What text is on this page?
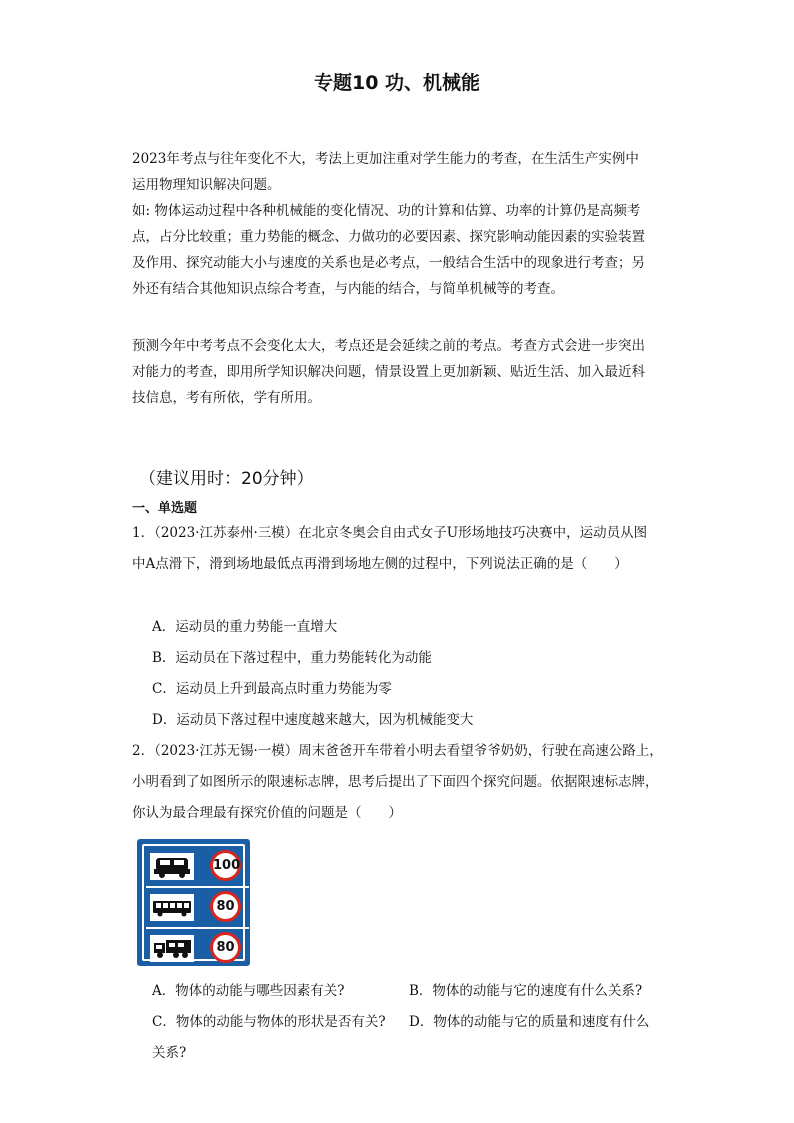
专题10 功、机械能
2023年考点与往年变化不大，考法上更加注重对学生能力的考查，在生活生产实例中
运用物理知识解决问题。
如: 物体运动过程中各种机械能的变化情况、功的计算和估算、功率的计算仍是高频考
点，占分比较重；重力势能的概念、力做功的必要因素、探究影响动能因素的实验装置
及作用、探究动能大小与速度的关系也是必考点，一般结合生活中的现象进行考查；另
外还有结合其他知识点综合考查，与内能的结合，与简单机械等的考查。
预测今年中考考点不会变化太大，考点还是会延续之前的考点。考查方式会进一步突出
对能力的考查，即用所学知识解决问题，情景设置上更加新颖、贴近生活、加入最近科
技信息，考有所依，学有所用。
（建议用时：20分钟）
一、单选题
1．（2023·江苏泰州·三模）在北京冬奥会自由式女子U形场地技巧决赛中，运动员从图
中A点滑下，滑到场地最低点再滑到场地左侧的过程中，下列说法正确的是（　　）
A．运动员的重力势能一直增大
B．运动员在下落过程中，重力势能转化为动能
C．运动员上升到最高点时重力势能为零
D．运动员下落过程中速度越来越大，因为机械能变大
2．（2023·江苏无锡·一模）周末爸爸开车带着小明去看望爷爷奶奶，行驶在高速公路上，
小明看到了如图所示的限速标志牌，思考后提出了下面四个探究问题。依据限速标志牌，
你认为最合理最有探究价值的问题是（　　）
100
80
80
A．物体的动能与哪些因素有关?	B．物体的动能与它的速度有什么关系?
C．物体的动能与物体的形状是否有关? D．物体的动能与它的质量和速度有什么
关系?
